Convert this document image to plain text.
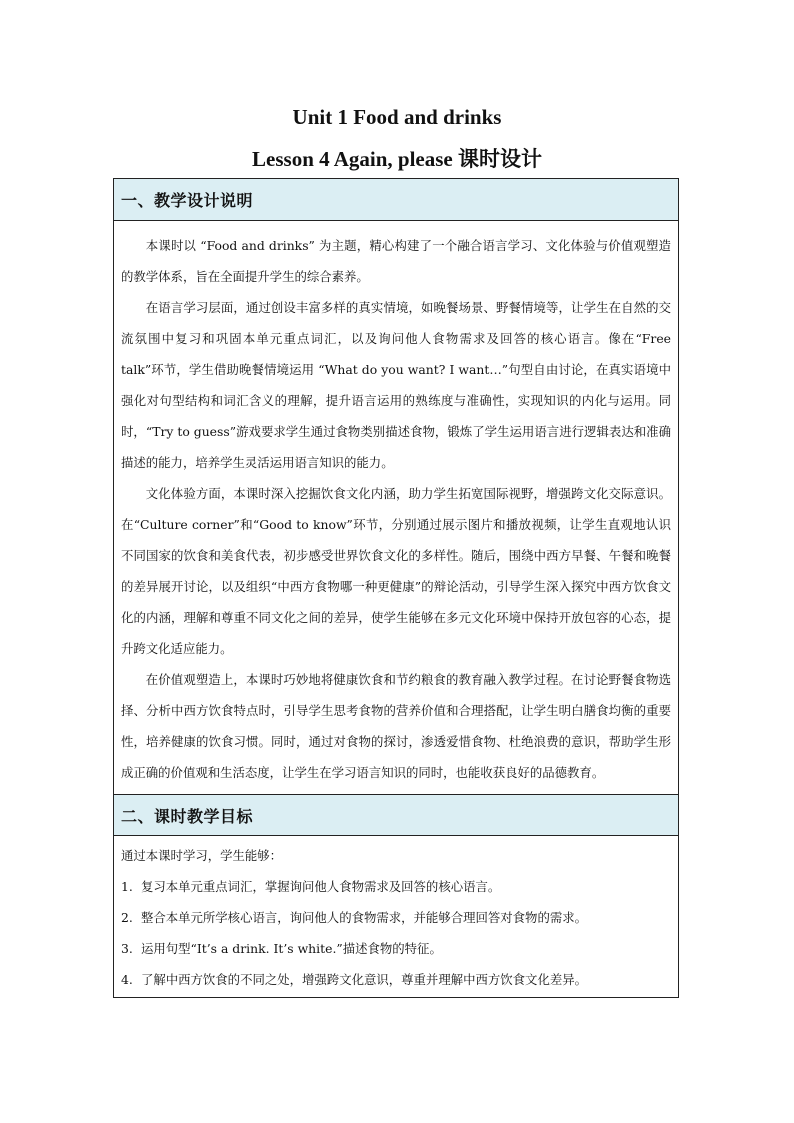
Unit 1 Food and drinks
Lesson 4 Again, please 课时设计
一、教学设计说明

本课时以 “Food and drinks” 为主题，精心构建了一个融合语言学习、文化体验与价值观塑造的教学体系，旨在全面提升学生的综合素养。

在语言学习层面，通过创设丰富多样的真实情境，如晚餐场景、野餐情境等，让学生在自然的交流氛围中复习和巩固本单元重点词汇，以及询问他人食物需求及回答的核心语言。像在“Free talk”环节，学生借助晚餐情境运用 “What do you want? I want…”句型自由讨论，在真实语境中强化对句型结构和词汇含义的理解，提升语言运用的熟练度与准确性，实现知识的内化与运用。同时，“Try to guess”游戏要求学生通过食物类别描述食物，锻炼了学生运用语言进行逻辑表达和准确描述的能力，培养学生灵活运用语言知识的能力。

文化体验方面，本课时深入挖掘饮食文化内涵，助力学生拓宽国际视野，增强跨文化交际意识。在“Culture corner”和“Good to know”环节，分别通过展示图片和播放视频，让学生直观地认识不同国家的饮食和美食代表，初步感受世界饮食文化的多样性。随后，围绕中西方早餐、午餐和晚餐的差异展开讨论，以及组织“中西方食物哪一种更健康”的辩论活动，引导学生深入探究中西方饮食文化的内涵，理解和尊重不同文化之间的差异，使学生能够在多元文化环境中保持开放包容的心态，提升跨文化适应能力。

在价值观塑造上，本课时巧妙地将健康饮食和节约粮食的教育融入教学过程。在讨论野餐食物选择、分析中西方饮食特点时，引导学生思考食物的营养价值和合理搭配，让学生明白膳食均衡的重要性，培养健康的饮食习惯。同时，通过对食物的探讨，渗透爱惜食物、杜绝浪费的意识，帮助学生形成正确的价值观和生活态度，让学生在学习语言知识的同时，也能收获良好的品德教育。

二、课时教学目标
通过本课时学习，学生能够：
1. 复习本单元重点词汇，掌握询问他人食物需求及回答的核心语言。
2. 整合本单元所学核心语言，询问他人的食物需求，并能够合理回答对食物的需求。
3. 运用句型“It’s a drink. It’s white.”描述食物的特征。
4. 了解中西方饮食的不同之处，增强跨文化意识，尊重并理解中西方饮食文化差异。
